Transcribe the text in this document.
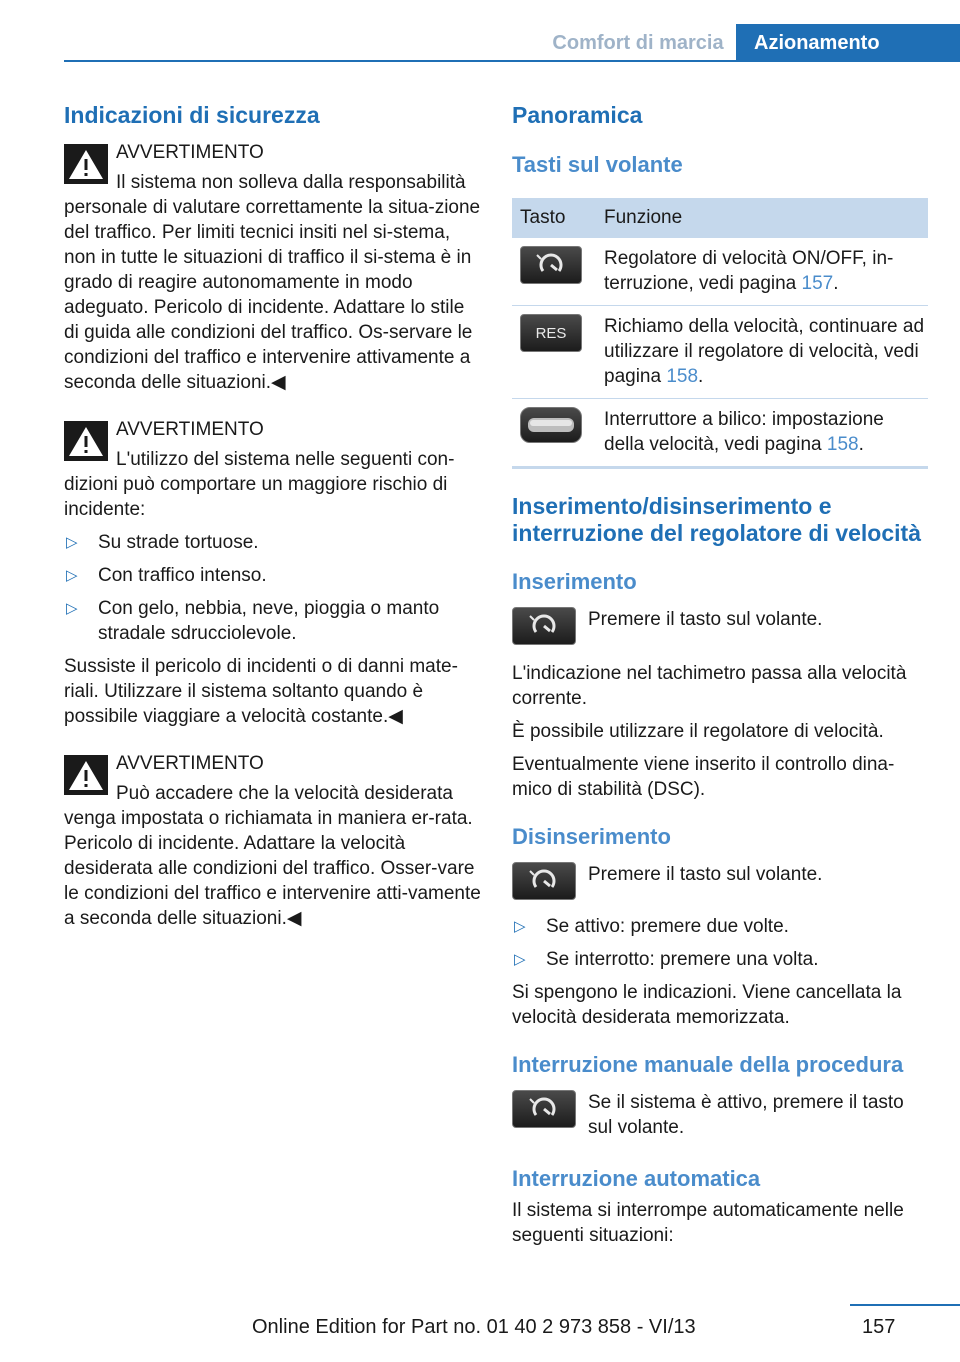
Comfort di marcia	Azionamento
Indicazioni di sicurezza
AVVERTIMENTO
Il sistema non solleva dalla responsabilità
personale di valutare correttamente la situa-zione del traffico. Per limiti tecnici insiti nel si-stema, non in tutte le situazioni di traffico il si-stema è in grado di reagire autonomamente in modo adeguato. Pericolo di incidente. Adattare lo stile di guida alle condizioni del traffico. Os-servare le condizioni del traffico e intervenire attivamente a seconda delle situazioni.◀
AVVERTIMENTO
L'utilizzo del sistema nelle seguenti con-
dizioni può comportare un maggiore rischio di incidente:
▷ Su strade tortuose.
▷ Con traffico intenso.
▷ Con gelo, nebbia, neve, pioggia o manto stradale sdrucciolevole.
Sussiste il pericolo di incidenti o di danni mate-riali. Utilizzare il sistema soltanto quando è possibile viaggiare a velocità costante.◀
AVVERTIMENTO
Può accadere che la velocità desiderata
venga impostata o richiamata in maniera er-rata. Pericolo di incidente. Adattare la velocità desiderata alle condizioni del traffico. Osser-vare le condizioni del traffico e intervenire atti-vamente a seconda delle situazioni.◀
Panoramica
Tasti sul volante
Tasto	Funzione

	Regolatore di velocità ON/OFF, in-terruzione, vedi pagina 157.

RES	Richiamo della velocità, continuare ad utilizzare il regolatore di velocità, vedi pagina 158.

	Interruttore a bilico: impostazione della velocità, vedi pagina 158.
Inserimento/disinserimento e interruzione del regolatore di velocità
Inserimento
Premere il tasto sul volante.
L'indicazione nel tachimetro passa alla velocità corrente.
È possibile utilizzare il regolatore di velocità.
Eventualmente viene inserito il controllo dina-mico di stabilità (DSC).
Disinserimento
Premere il tasto sul volante.
▷ Se attivo: premere due volte.
▷ Se interrotto: premere una volta.
Si spengono le indicazioni. Viene cancellata la velocità desiderata memorizzata.
Interruzione manuale della procedura
Se il sistema è attivo, premere il tasto sul volante.
Interruzione automatica
Il sistema si interrompe automaticamente nelle seguenti situazioni:
157
Online Edition for Part no. 01 40 2 973 858 - VI/13
